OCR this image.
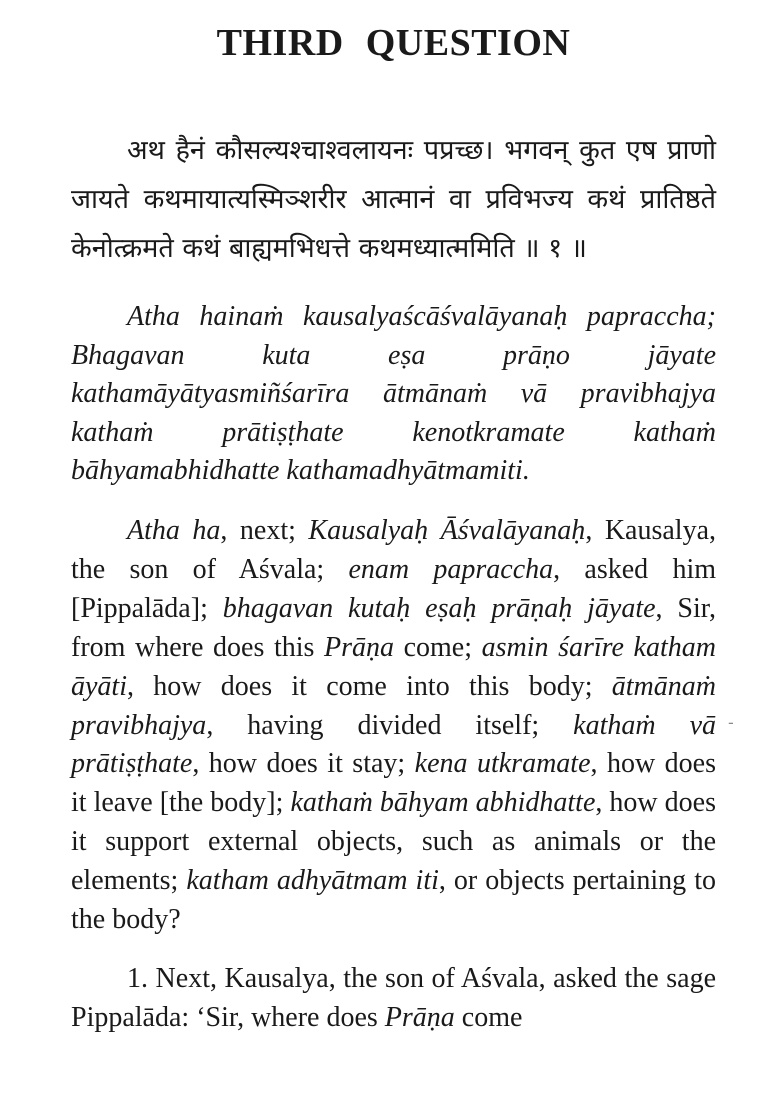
THIRD QUESTION

अथ हैनं कौसल्यश्चाश्वलायनः पप्रच्छ। भगवन् कुत एष प्राणो जायते कथमायात्यस्मिञ्शरीर आत्मानं वा प्रविभज्य कथं प्रातिष्ठते केनोत्क्रमते कथं बाह्यमभिधत्ते कथमध्यात्ममिति ॥ १ ॥

Atha hainaṁ kausalyaścāśvalāyanaḥ papraccha; Bhagavan kuta eṣa prāṇo jāyate kathamāyātyasmiñśarīra ātmānaṁ vā pravibhajya kathaṁ prātiṣṭhate kenotkramate kathaṁ bāhyamabhidhatte kathamadhyātmamiti.

Atha ha, next; Kausalyaḥ Āśvalāyanaḥ, Kausalya, the son of Aśvala; enam papraccha, asked him [Pippalāda]; bhagavan kutaḥ eṣaḥ prāṇaḥ jāyate, Sir, from where does this Prāṇa come; asmin śarīre katham āyāti, how does it come into this body; ātmānaṁ pravibhajya, having divided itself; kathaṁ vā prātiṣṭhate, how does it stay; kena utkramate, how does it leave [the body]; kathaṁ bāhyam abhidhatte, how does it support external objects, such as animals or the elements; katham adhyātmam iti, or objects pertaining to the body?

1. Next, Kausalya, the son of Aśvala, asked the sage Pippalāda: ‘Sir, where does Prāṇa come

-
